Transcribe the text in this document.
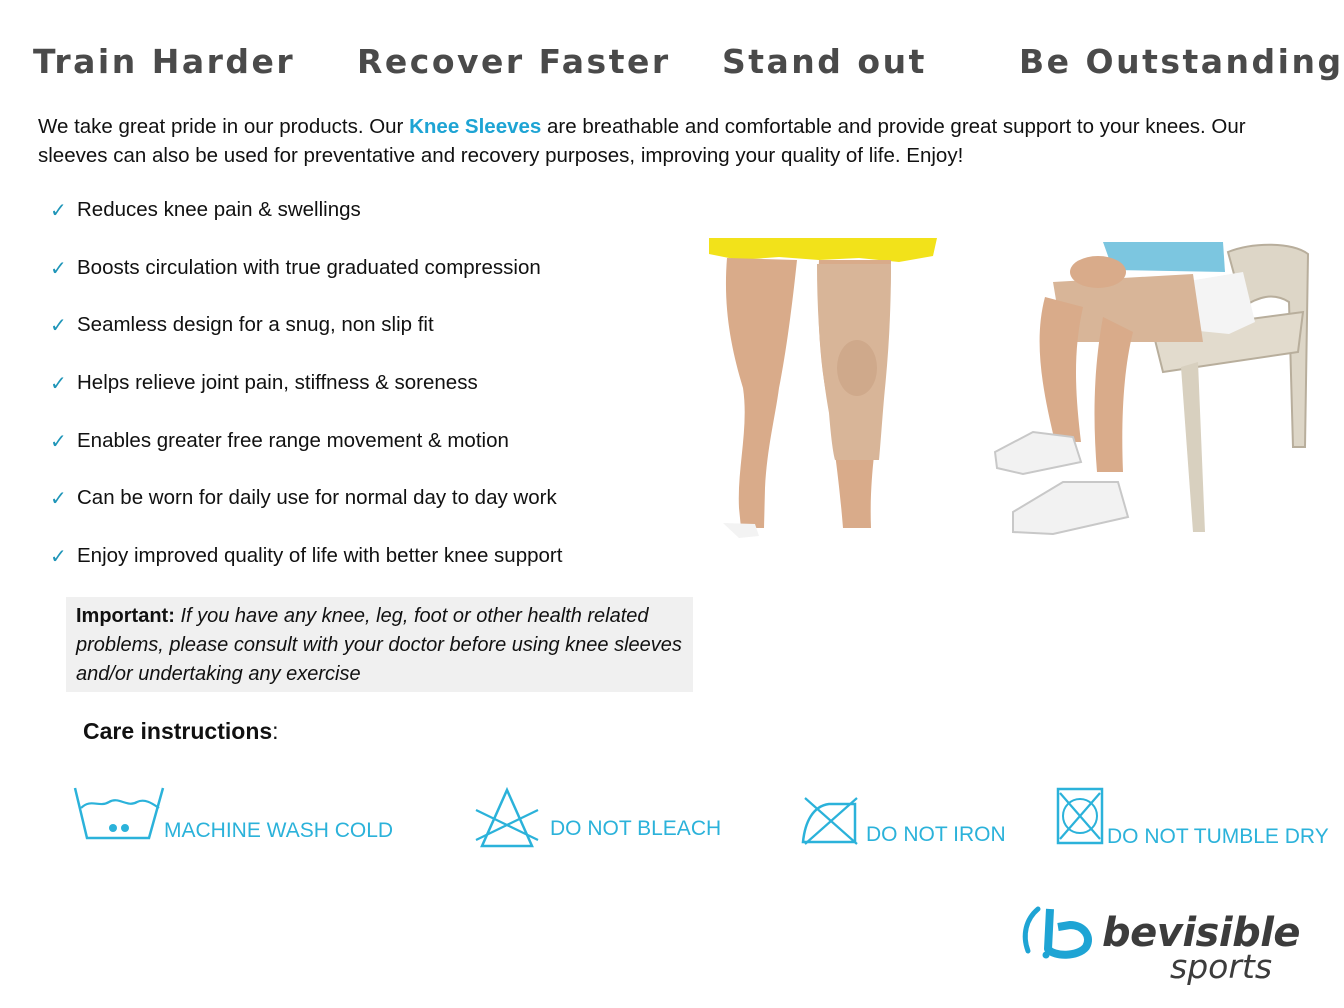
Train Harder Recover Faster Stand out	Be Outstanding
We take great pride in our products. Our Knee Sleeves are breathable and comfortable and provide great support to your knees. Our sleeves can also be used for preventative and recovery purposes, improving your quality of life. Enjoy!
✓ Reduces knee pain & swellings
✓ Boosts circulation with true graduated compression
✓ Seamless design for a snug, non slip fit
✓ Helps relieve joint pain, stiffness & soreness
✓ Enables greater free range movement & motion
✓ Can be worn for daily use for normal day to day work
✓ Enjoy improved quality of life with better knee support
Important: If you have any knee, leg, foot or other health related problems, please consult with your doctor before using knee sleeves and/or undertaking any exercise
Care instructions:
MACHINE WASH COLD	DO NOT BLEACH	DO NOT IRON	DO NOT TUMBLE DRY
bevisible
sports
